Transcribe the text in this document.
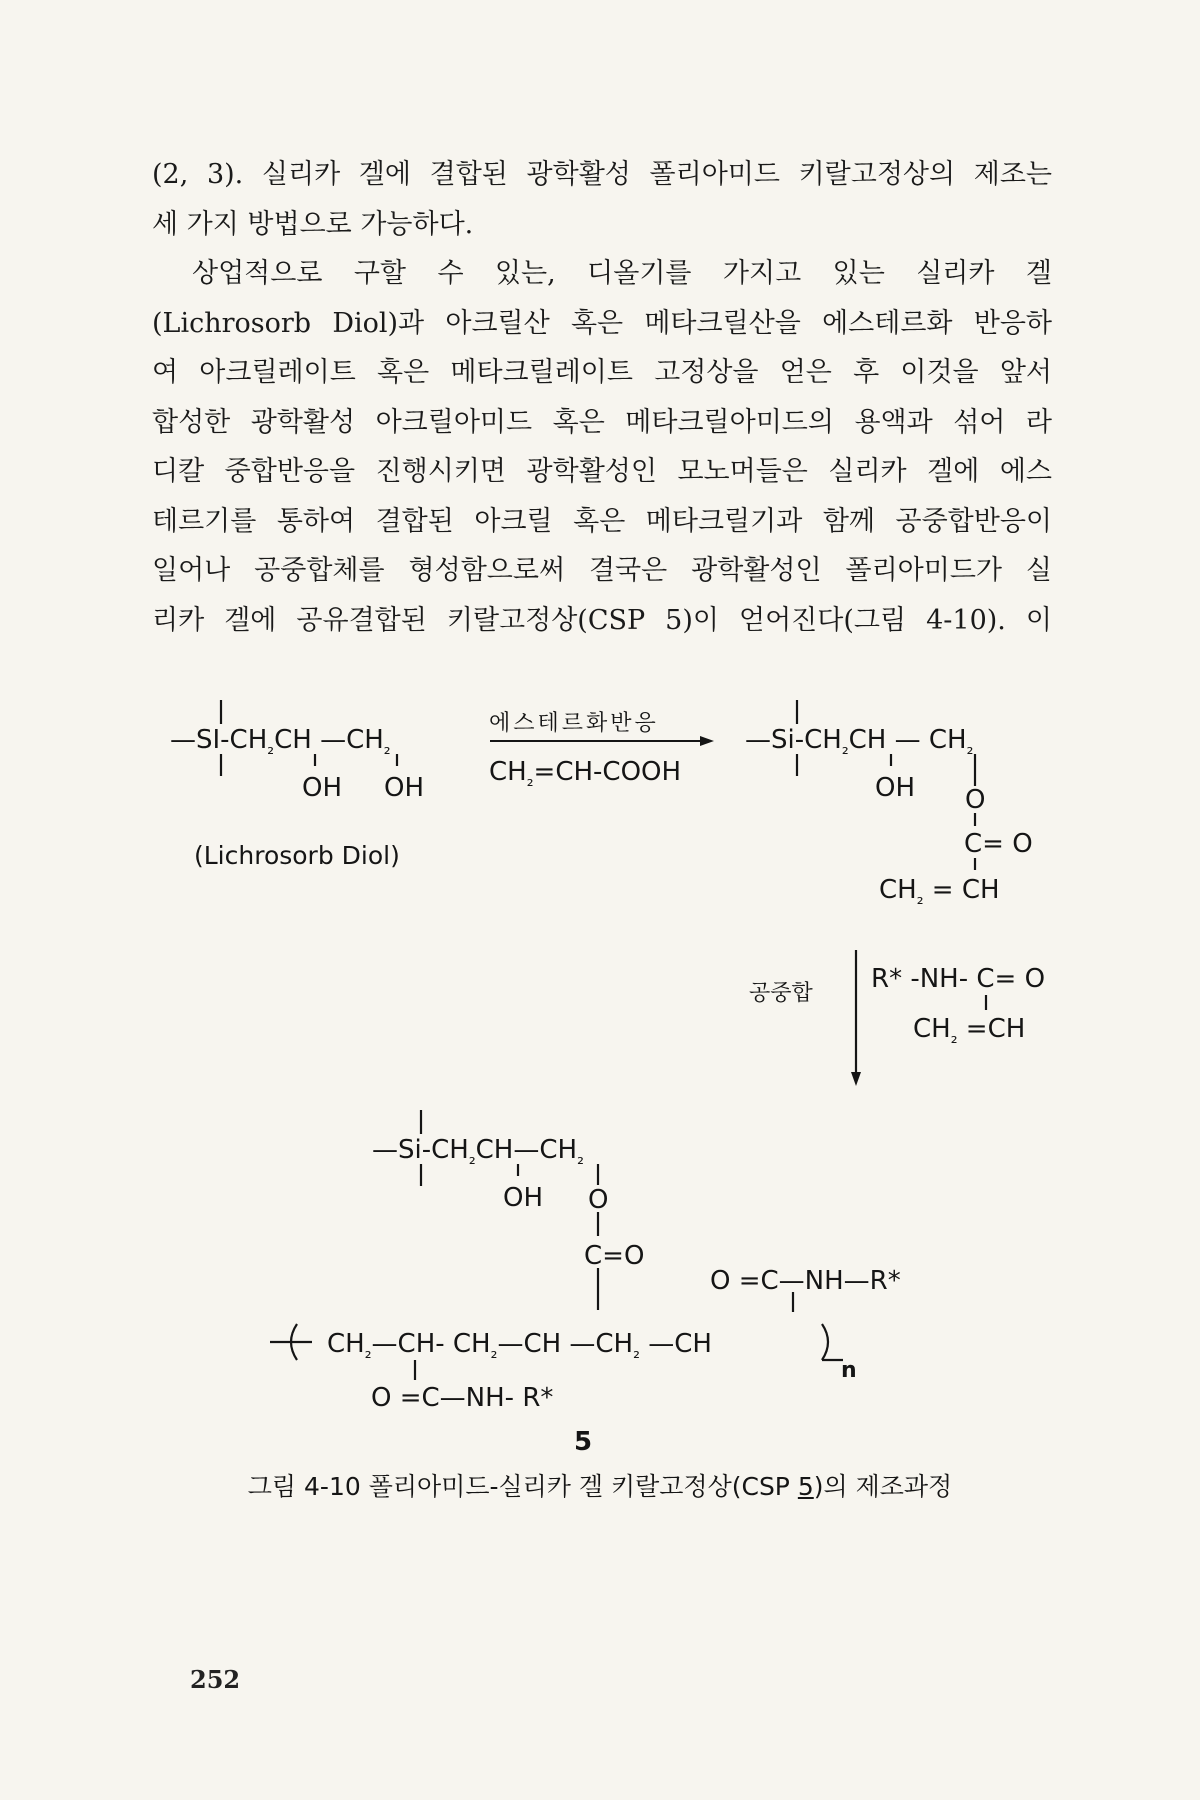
(2, 3). 실리카 겔에 결합된 광학활성 폴리아미드 키랄고정상의 제조는
세 가지 방법으로 가능하다.
상업적으로 구할 수 있는, 디올기를 가지고 있는 실리카 겔
(Lichrosorb Diol)과 아크릴산 혹은 메타크릴산을 에스테르화 반응하
여 아크릴레이트 혹은 메타크릴레이트 고정상을 얻은 후 이것을 앞서
합성한 광학활성 아크릴아미드 혹은 메타크릴아미드의 용액과 섞어 라
디칼 중합반응을 진행시키면 광학활성인 모노머들은 실리카 겔에 에스
테르기를 통하여 결합된 아크릴 혹은 메타크릴기과 함께 공중합반응이
일어나 공중합체를 형성함으로써 결국은 광학활성인 폴리아미드가 실
리카 겔에 공유결합된 키랄고정상(CSP 5)이 얻어진다(그림 4-10). 이
$—SI-CH_{_2}CH$ $—CH_{_2}$
OH OH
(Lichrosorb Diol)
에스테르화반응
$CH_{_2}=CH$-COOH
$—Si-CH_{_2}CH$ — $CH_{_2}$
OH O
C= O
$CH_{_2}$ = CH
공중합 R* -NH- C= O
$CH_{_2} =CH$
$—Si-CH_{_2}CH—CH_{_2}$
OH O
C=O
O =C—NH—R*
$CH_{_2}—CH-$ $CH_{_2}—CH$ $—CH_{_2}$ —CH
n
O =C—NH- R*
5
그림 4-10 폴리아미드-실리카 겔 키랄고정상(CSP 5)의 제조과정
252
